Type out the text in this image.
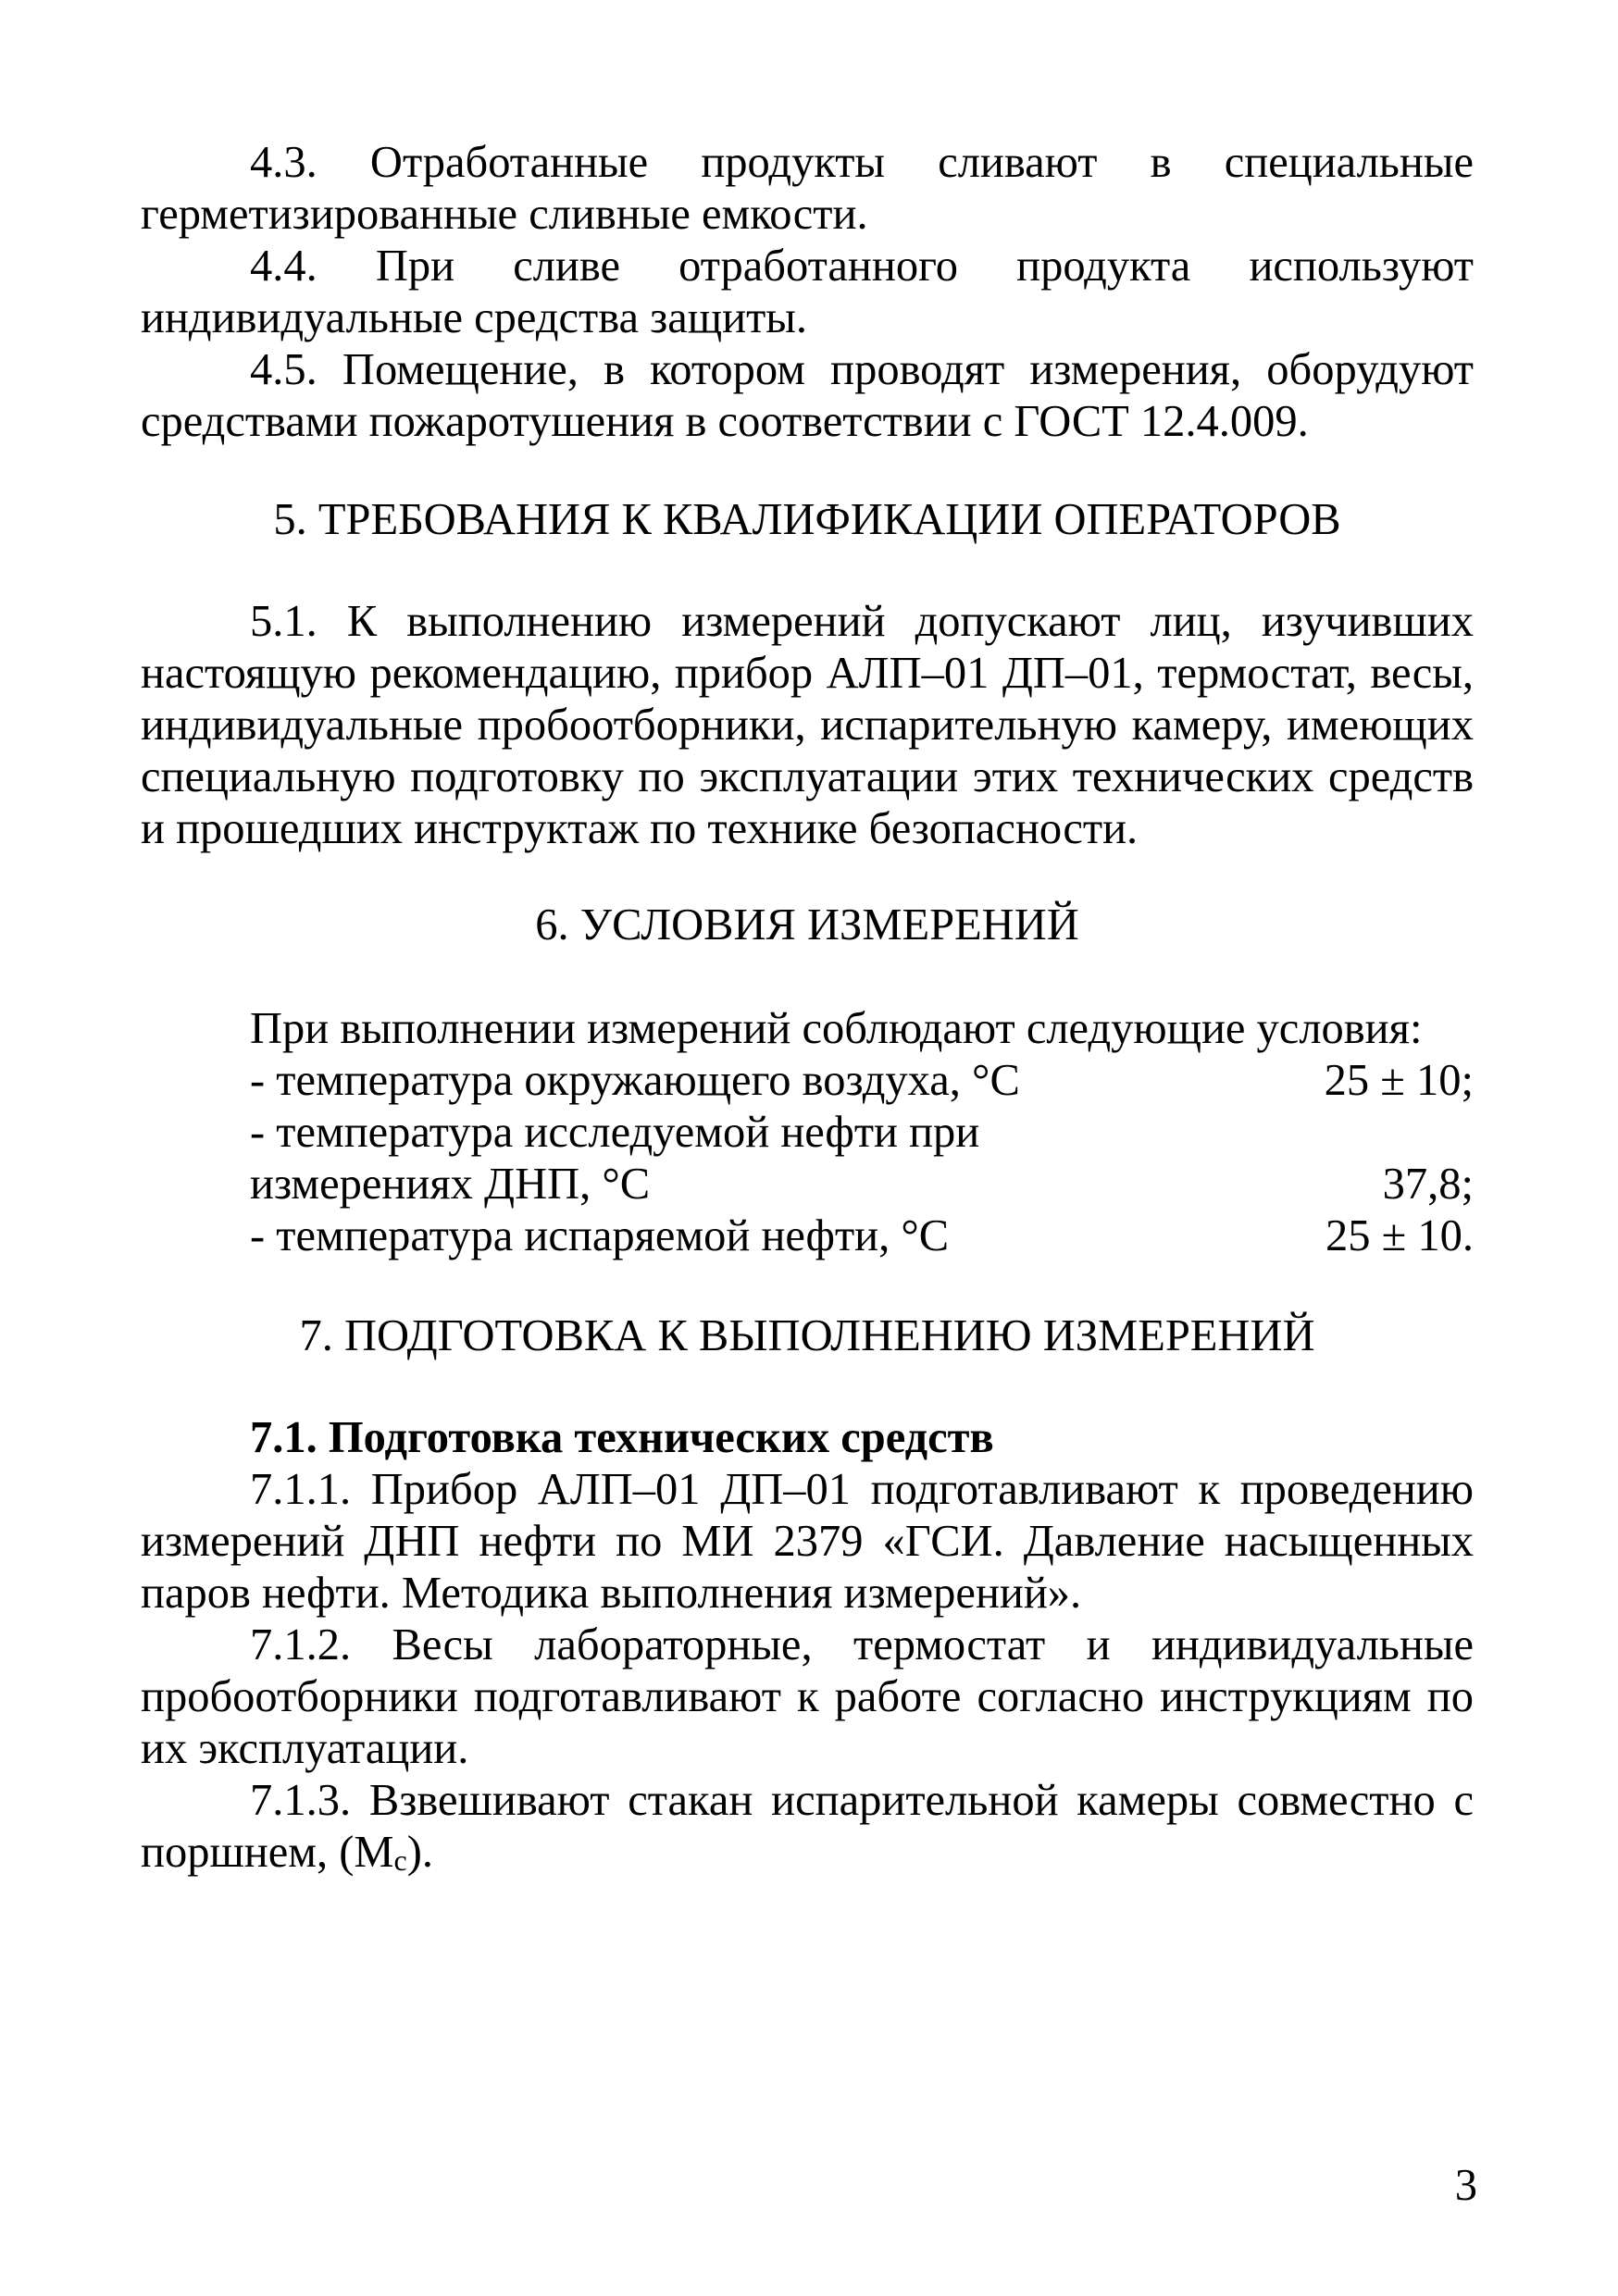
4.3. Отработанные продукты сливают в специальные герметизированные сливные емкости.

4.4. При сливе отработанного продукта используют индивидуальные средства защиты.

4.5. Помещение, в котором проводят измерения, оборудуют средствами пожаротушения в соответствии с ГОСТ 12.4.009.

5. ТРЕБОВАНИЯ К КВАЛИФИКАЦИИ ОПЕРАТОРОВ

5.1. К выполнению измерений допускают лиц, изучивших настоящую рекомендацию, прибор АЛП–01 ДП–01, термостат, весы, индивидуальные пробоотборники, испарительную камеру, имеющих специальную подготовку по эксплуатации этих технических средств и прошедших инструктаж по технике безопасности.

6. УСЛОВИЯ ИЗМЕРЕНИЙ

При выполнении измерений соблюдают следующие условия:
- температура окружающего воздуха, °С	25 ± 10;
- температура исследуемой нефти при
измерениях ДНП, °С	37,8;
- температура испаряемой нефти, °С	25 ± 10.

7. ПОДГОТОВКА К ВЫПОЛНЕНИЮ ИЗМЕРЕНИЙ

7.1. Подготовка технических средств

7.1.1. Прибор АЛП–01 ДП–01 подготавливают к проведению измерений ДНП нефти по МИ 2379 «ГСИ. Давление насыщенных паров нефти. Методика выполнения измерений».

7.1.2. Весы лабораторные, термостат и индивидуальные пробоотборники подготавливают к работе согласно инструкциям по их эксплуатации.

7.1.3. Взвешивают стакан испарительной камеры совместно с поршнем, $(M_c)$.

3
